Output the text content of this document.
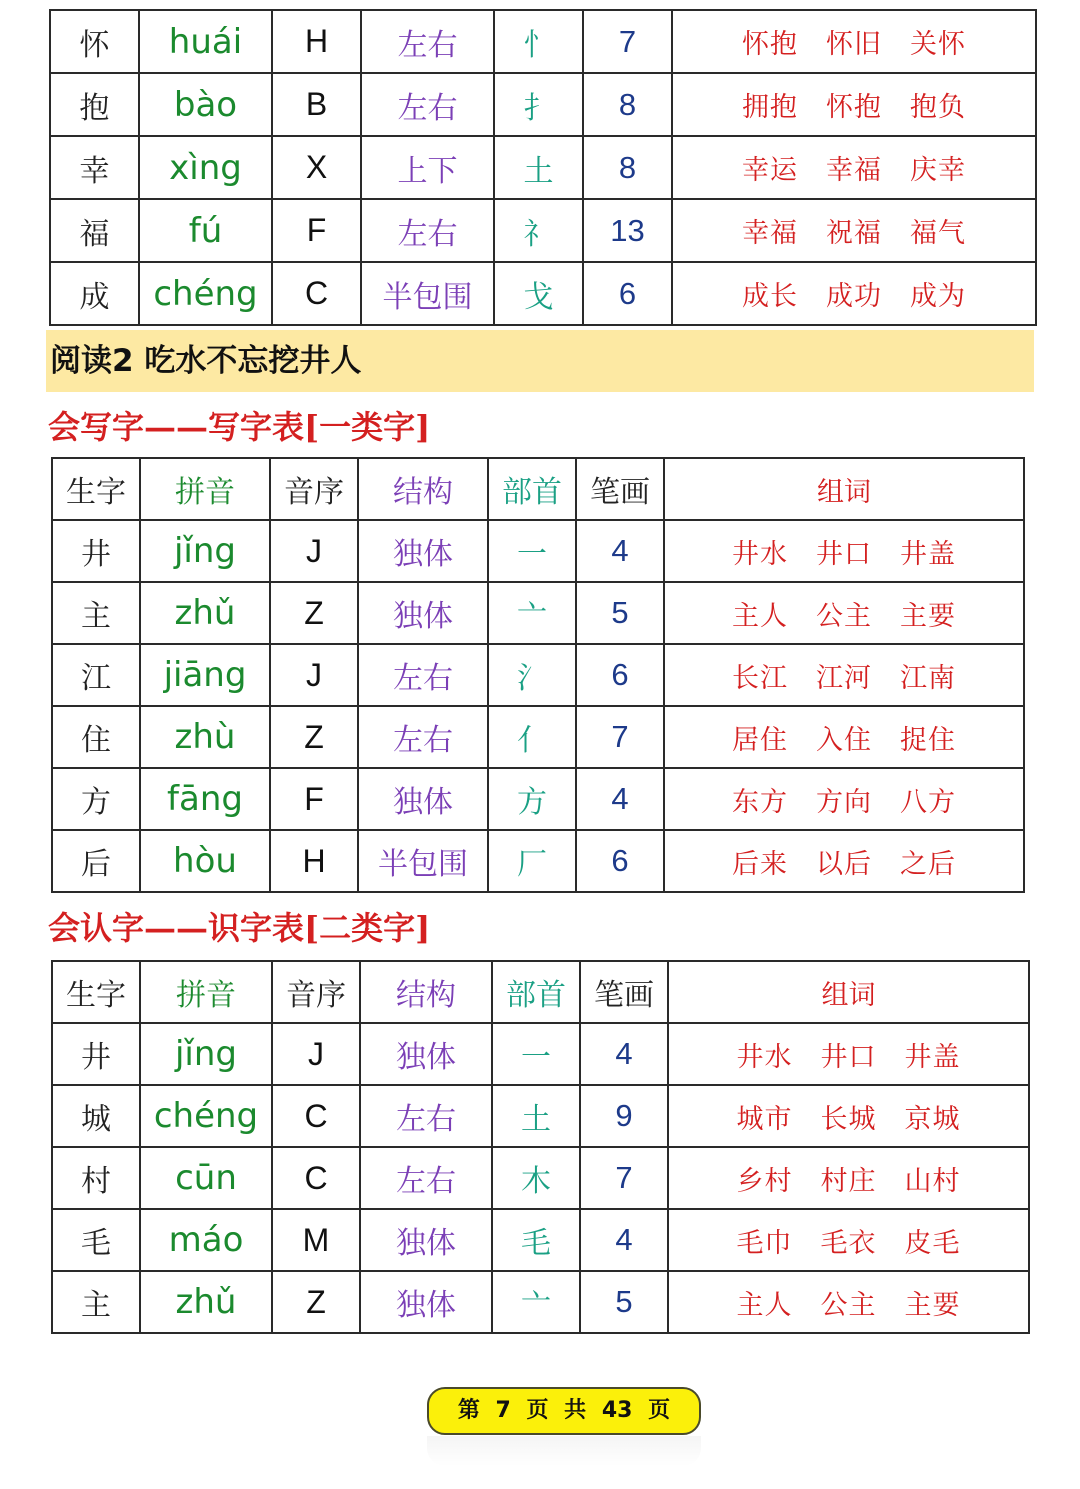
怀	huái	H	左右	忄	7	怀抱 怀旧 关怀
抱	bào	B	左右	扌	8	拥抱 怀抱 抱负
幸	xìng	X	上下	土	8	幸运 幸福 庆幸
福	fú	F	左右	礻	13	幸福 祝福 福气
成	chéng	C	半包围	戈	6	成长 成功 成为
阅读2 吃水不忘挖井人
会写字——写字表[一类字]
生字	拼音	音序	结构	部首	笔画	组词
井	jǐng	J	独体	一	4	井水 井口 井盖
主	zhǔ	Z	独体	亠	5	主人 公主 主要
江	jiāng	J	左右	氵	6	长江 江河 江南
住	zhù	Z	左右	亻	7	居住 入住 捉住
方	fāng	F	独体	方	4	东方 方向 八方
后	hòu	H	半包围	厂	6	后来 以后 之后
会认字——识字表[二类字]
生字	拼音	音序	结构	部首	笔画	组词
井	jǐng	J	独体	一	4	井水 井口 井盖
城	chéng	C	左右	土	9	城市 长城 京城
村	cūn	C	左右	木	7	乡村 村庄 山村
毛	máo	M	独体	毛	4	毛巾 毛衣 皮毛
主	zhǔ	Z	独体	亠	5	主人 公主 主要
第 7 页 共 43 页
